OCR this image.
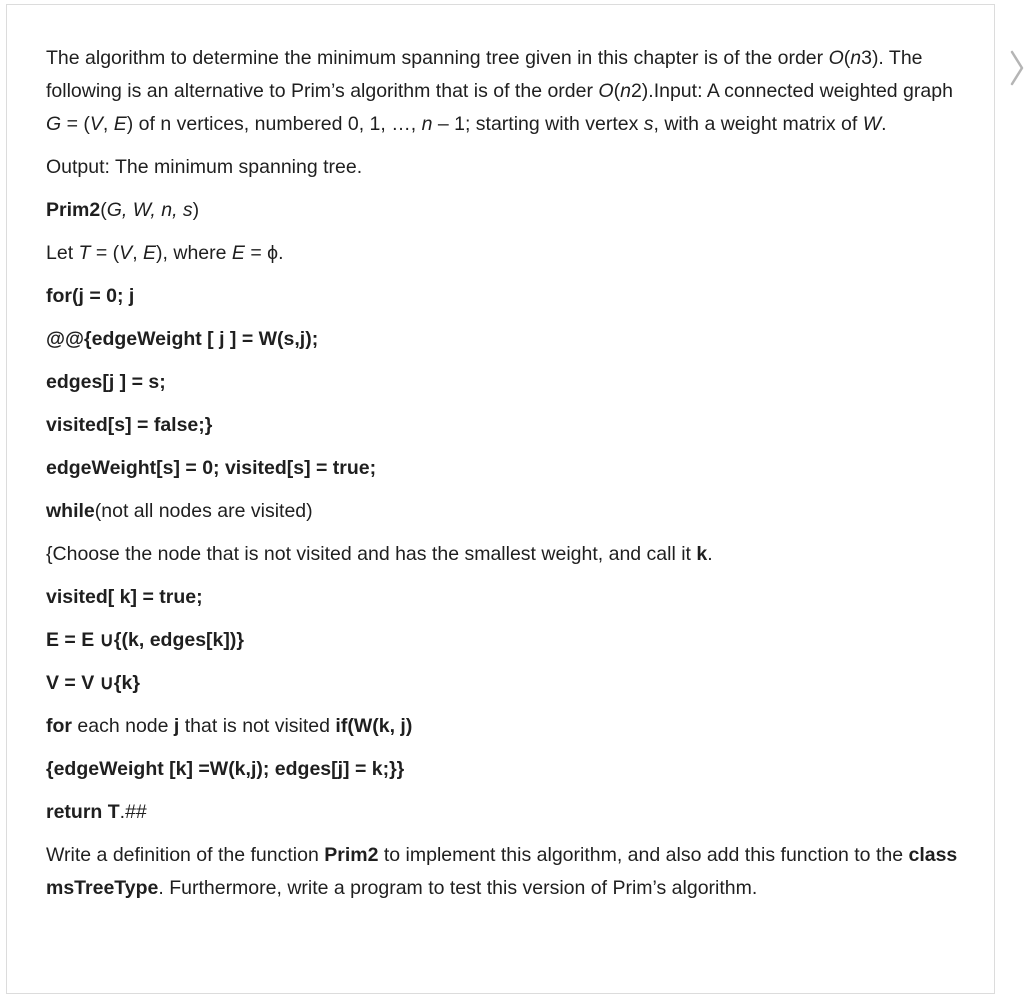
The algorithm to determine the minimum spanning tree given in this chapter is of the order O(n3). The following is an alternative to Prim’s algorithm that is of the order O(n2).Input: A connected weighted graph G = (V, E) of n vertices, numbered 0, 1, …, n – 1; starting with vertex s, with a weight matrix of W.

Output: The minimum spanning tree.

Prim2(G, W, n, s)

Let T = (V, E), where E = ϕ.

for(j = 0; j

@@{edgeWeight [ j ] = W(s,j);

edges[j ] = s;

visited[s] = false;}

edgeWeight[s] = 0; visited[s] = true;

while(not all nodes are visited)

{Choose the node that is not visited and has the smallest weight, and call it k.

visited[ k] = true;

E = E ∪{(k, edges[k])}

V = V ∪{k}

for each node j that is not visited if(W(k, j)

{edgeWeight [k] =W(k,j); edges[j] = k;}}

return T.##

Write a definition of the function Prim2 to implement this algorithm, and also add this function to the class msTreeType. Furthermore, write a program to test this version of Prim’s algorithm.
